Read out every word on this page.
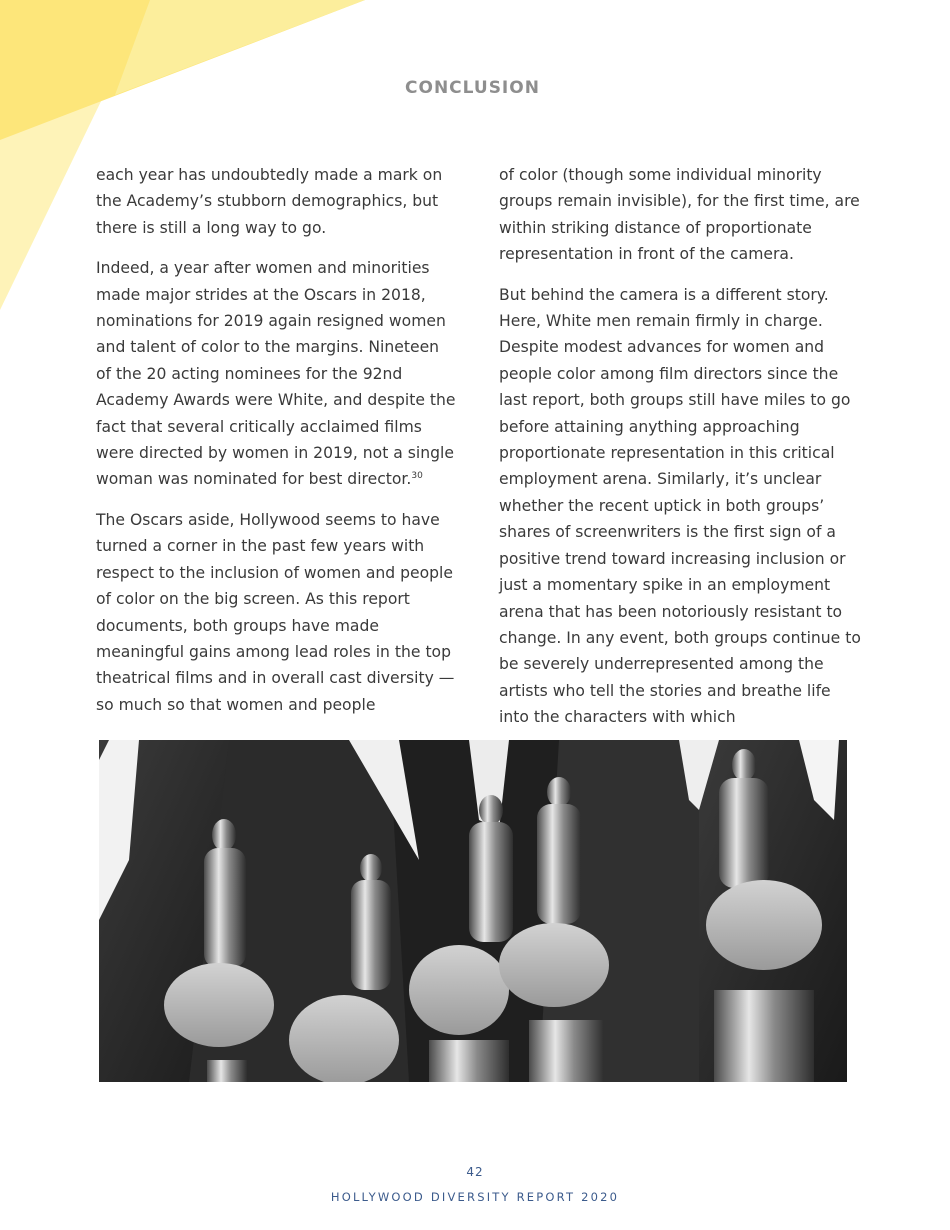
CONCLUSION

each year has undoubtedly made a mark on the Academy’s stubborn demographics, but there is still a long way to go.

Indeed, a year after women and minorities made major strides at the Oscars in 2018, nominations for 2019 again resigned women and talent of color to the margins. Nineteen of the 20 acting nominees for the 92nd Academy Awards were White, and despite the fact that several critically acclaimed films were directed by women in 2019, not a single woman was nominated for best director.$^{30}$

The Oscars aside, Hollywood seems to have turned a corner in the past few years with respect to the inclusion of women and people of color on the big screen. As this report documents, both groups have made meaningful gains among lead roles in the top theatrical films and in overall cast diversity — so much so that women and people

of color (though some individual minority groups remain invisible), for the first time, are within striking distance of proportionate representation in front of the camera.

But behind the camera is a different story. Here, White men remain firmly in charge. Despite modest advances for women and people color among film directors since the last report, both groups still have miles to go before attaining anything approaching proportionate representation in this critical employment arena. Similarly, it’s unclear whether the recent uptick in both groups’ shares of screenwriters is the first sign of a positive trend toward increasing inclusion or just a momentary spike in an employment arena that has been notoriously resistant to change. In any event, both groups continue to be severely underrepresented among the artists who tell the stories and breathe life into the characters with which

42
HOLLYWOOD DIVERSITY REPORT 2020
